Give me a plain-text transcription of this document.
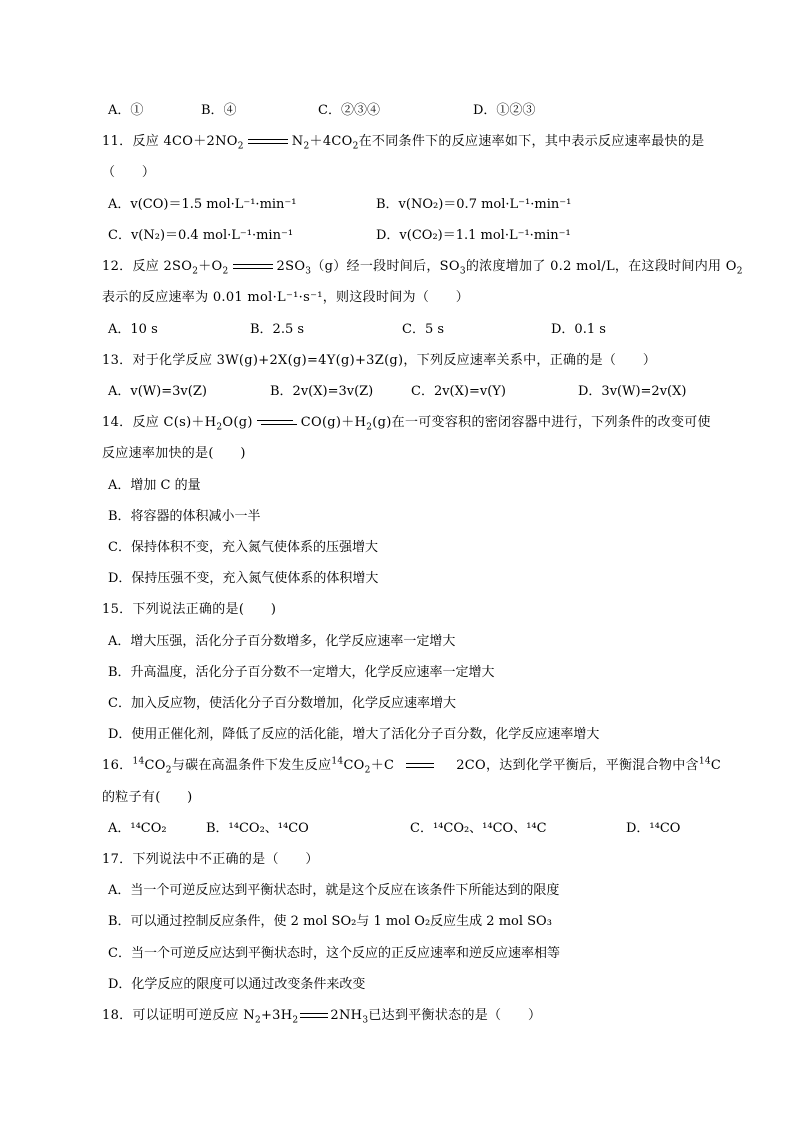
A．①	B．④	C．②③④	D．①②③
11．反应 $4CO+2NO_2$	$N_2+4CO_2$在不同条件下的反应速率如下，其中表示反应速率最快的是
（　　）
A．v(CO)＝1.5 mol·L⁻¹·min⁻¹	B．v(NO₂)＝0.7 mol·L⁻¹·min⁻¹
C．v(N₂)＝0.4 mol·L⁻¹·min⁻¹	D．v(CO₂)＝1.1 mol·L⁻¹·min⁻¹
12．反应 $2SO_2+O_2$	$2SO_3(g)$经一段时间后，$SO_3$的浓度增加了 0.2 mol/L，在这段时间内用 $O_2$
表示的反应速率为 0.01 mol·L⁻¹·s⁻¹，则这段时间为（　　）
A．10 s	B．2.5 s	C．5 s	D．0.1 s
13．对于化学反应 3W(g)+2X(g)=4Y(g)+3Z(g)，下列反应速率关系中，正确的是（　　）
A．v(W)=3v(Z)	B．2v(X)=3v(Z)	C．2v(X)=v(Y)	D．3v(W)=2v(X)
14．反应 $C(s)+H_2O(g)$	$CO(g)+H_2(g)$在一可变容积的密闭容器中进行，下列条件的改变可使
反应速率加快的是(　　)
A．增加 C 的量
B．将容器的体积减小一半
C．保持体积不变，充入氮气使体系的压强增大
D．保持压强不变，充入氮气使体系的体积增大
15．下列说法正确的是(　　)
A．增大压强，活化分子百分数增多，化学反应速率一定增大
B．升高温度，活化分子百分数不一定增大，化学反应速率一定增大
C．加入反应物，使活化分子百分数增加，化学反应速率增大
D．使用正催化剂，降低了反应的活化能，增大了活化分子百分数，化学反应速率增大
16．$^{14}CO_2$与碳在高温条件下发生反应$^{14}CO_2+C$	2CO，达到化学平衡后，平衡混合物中含$^{14}$C
的粒子有(　　)
A．¹⁴CO₂	B．¹⁴CO₂、¹⁴CO	C．¹⁴CO₂、¹⁴CO、¹⁴C	D．¹⁴CO
17．下列说法中不正确的是（　　）
A．当一个可逆反应达到平衡状态时，就是这个反应在该条件下所能达到的限度
B．可以通过控制反应条件，使 2 mol SO₂与 1 mol O₂反应生成 2 mol SO₃
C．当一个可逆反应达到平衡状态时，这个反应的正反应速率和逆反应速率相等
D．化学反应的限度可以通过改变条件来改变
18．可以证明可逆反应 $N_2+3H_2$ $2NH_3$已达到平衡状态的是（　　）
